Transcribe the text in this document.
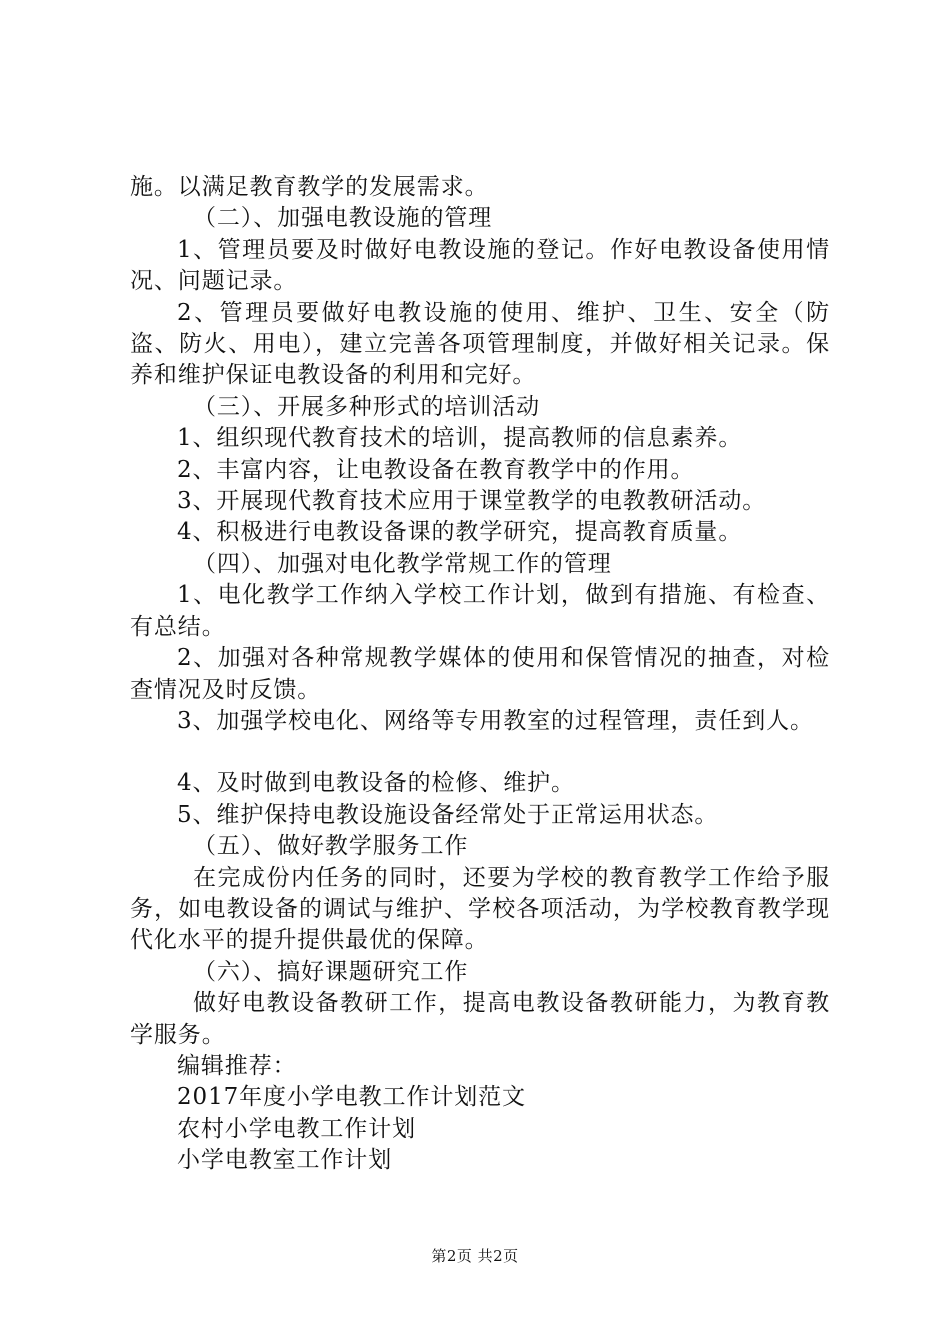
施。以满足教育教学的发展需求。

（二）、加强电教设施的管理

1、管理员要及时做好电教设施的登记。作好电教设备使用情况、问题记录。

2、管理员要做好电教设施的使用、维护、卫生、安全（防盗、防火、用电），建立完善各项管理制度，并做好相关记录。保养和维护保证电教设备的利用和完好。

（三）、开展多种形式的培训活动

1、组织现代教育技术的培训，提高教师的信息素养。

2、丰富内容，让电教设备在教育教学中的作用。

3、开展现代教育技术应用于课堂教学的电教教研活动。

4、积极进行电教设备课的教学研究，提高教育质量。

（四）、加强对电化教学常规工作的管理

1、电化教学工作纳入学校工作计划，做到有措施、有检查、有总结。

2、加强对各种常规教学媒体的使用和保管情况的抽查，对检查情况及时反馈。

3、加强学校电化、网络等专用教室的过程管理，责任到人。

4、及时做到电教设备的检修、维护。

5、维护保持电教设施设备经常处于正常运用状态。

（五）、做好教学服务工作

在完成份内任务的同时，还要为学校的教育教学工作给予服务，如电教设备的调试与维护、学校各项活动，为学校教育教学现代化水平的提升提供最优的保障。

（六）、搞好课题研究工作

做好电教设备教研工作，提高电教设备教研能力，为教育教学服务。

编辑推荐：

2017年度小学电教工作计划范文

农村小学电教工作计划

小学电教室工作计划

第2页 共2页
